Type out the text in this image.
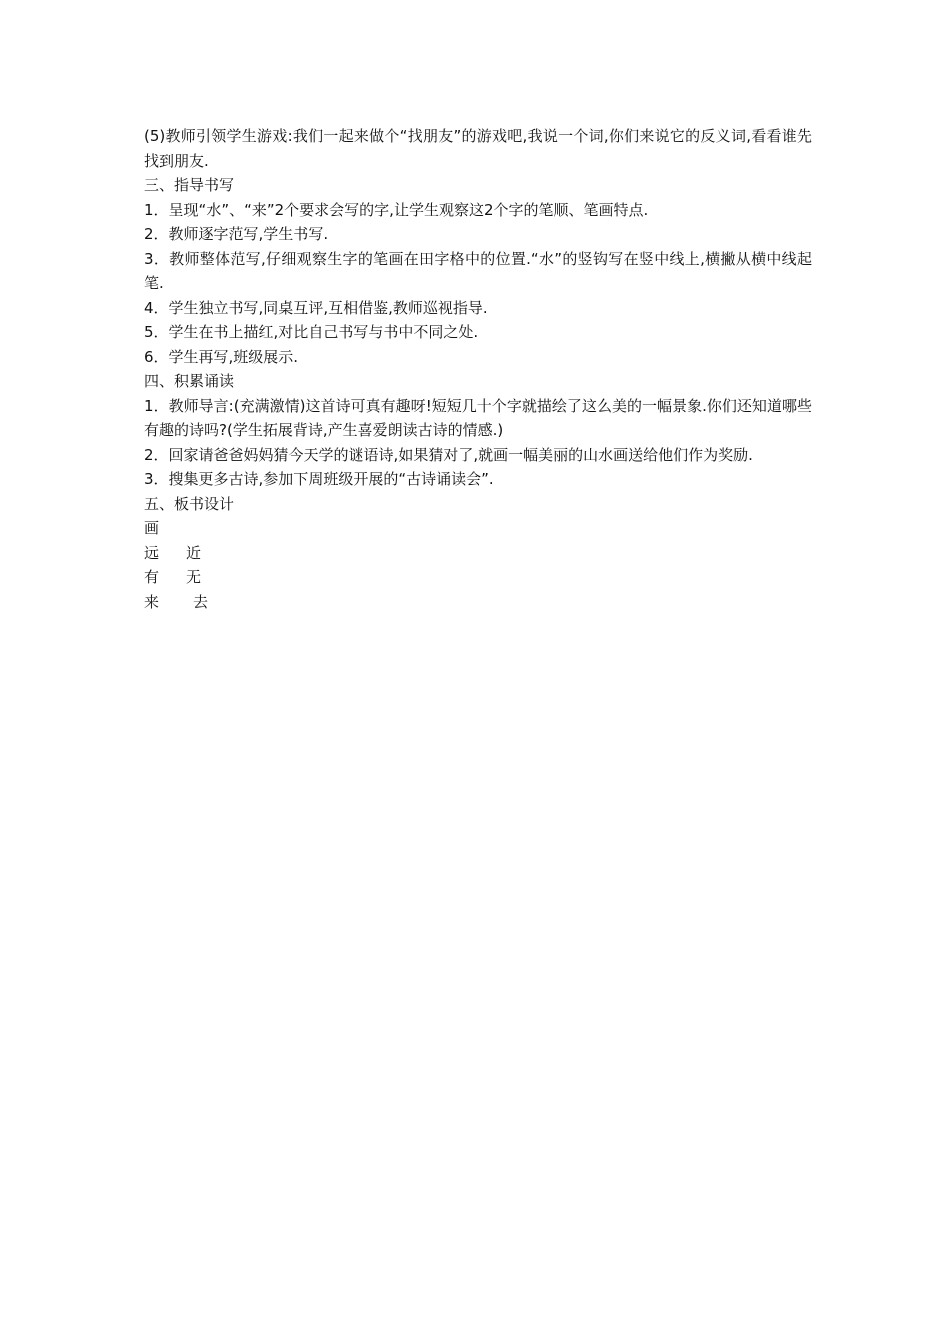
(5)教师引领学生游戏:我们一起来做个“找朋友”的游戏吧,我说一个词,你们来说它的反义词,看看谁先找到朋友.

三、指导书写

1．呈现“水”、“来”2个要求会写的字,让学生观察这2个字的笔顺、笔画特点.

2．教师逐字范写,学生书写.

3．教师整体范写,仔细观察生字的笔画在田字格中的位置.“水”的竖钩写在竖中线上,横撇从横中线起笔.

4．学生独立书写,同桌互评,互相借鉴,教师巡视指导.

5．学生在书上描红,对比自己书写与书中不同之处.

6．学生再写,班级展示.

四、积累诵读

1．教师导言:(充满激情)这首诗可真有趣呀!短短几十个字就描绘了这么美的一幅景象.你们还知道哪些有趣的诗吗?(学生拓展背诗,产生喜爱朗读古诗的情感.)

2．回家请爸爸妈妈猜今天学的谜语诗,如果猜对了,就画一幅美丽的山水画送给他们作为奖励.

3．搜集更多古诗,参加下周班级开展的“古诗诵读会”.

五、板书设计

画

远	近
有	无
来	去
